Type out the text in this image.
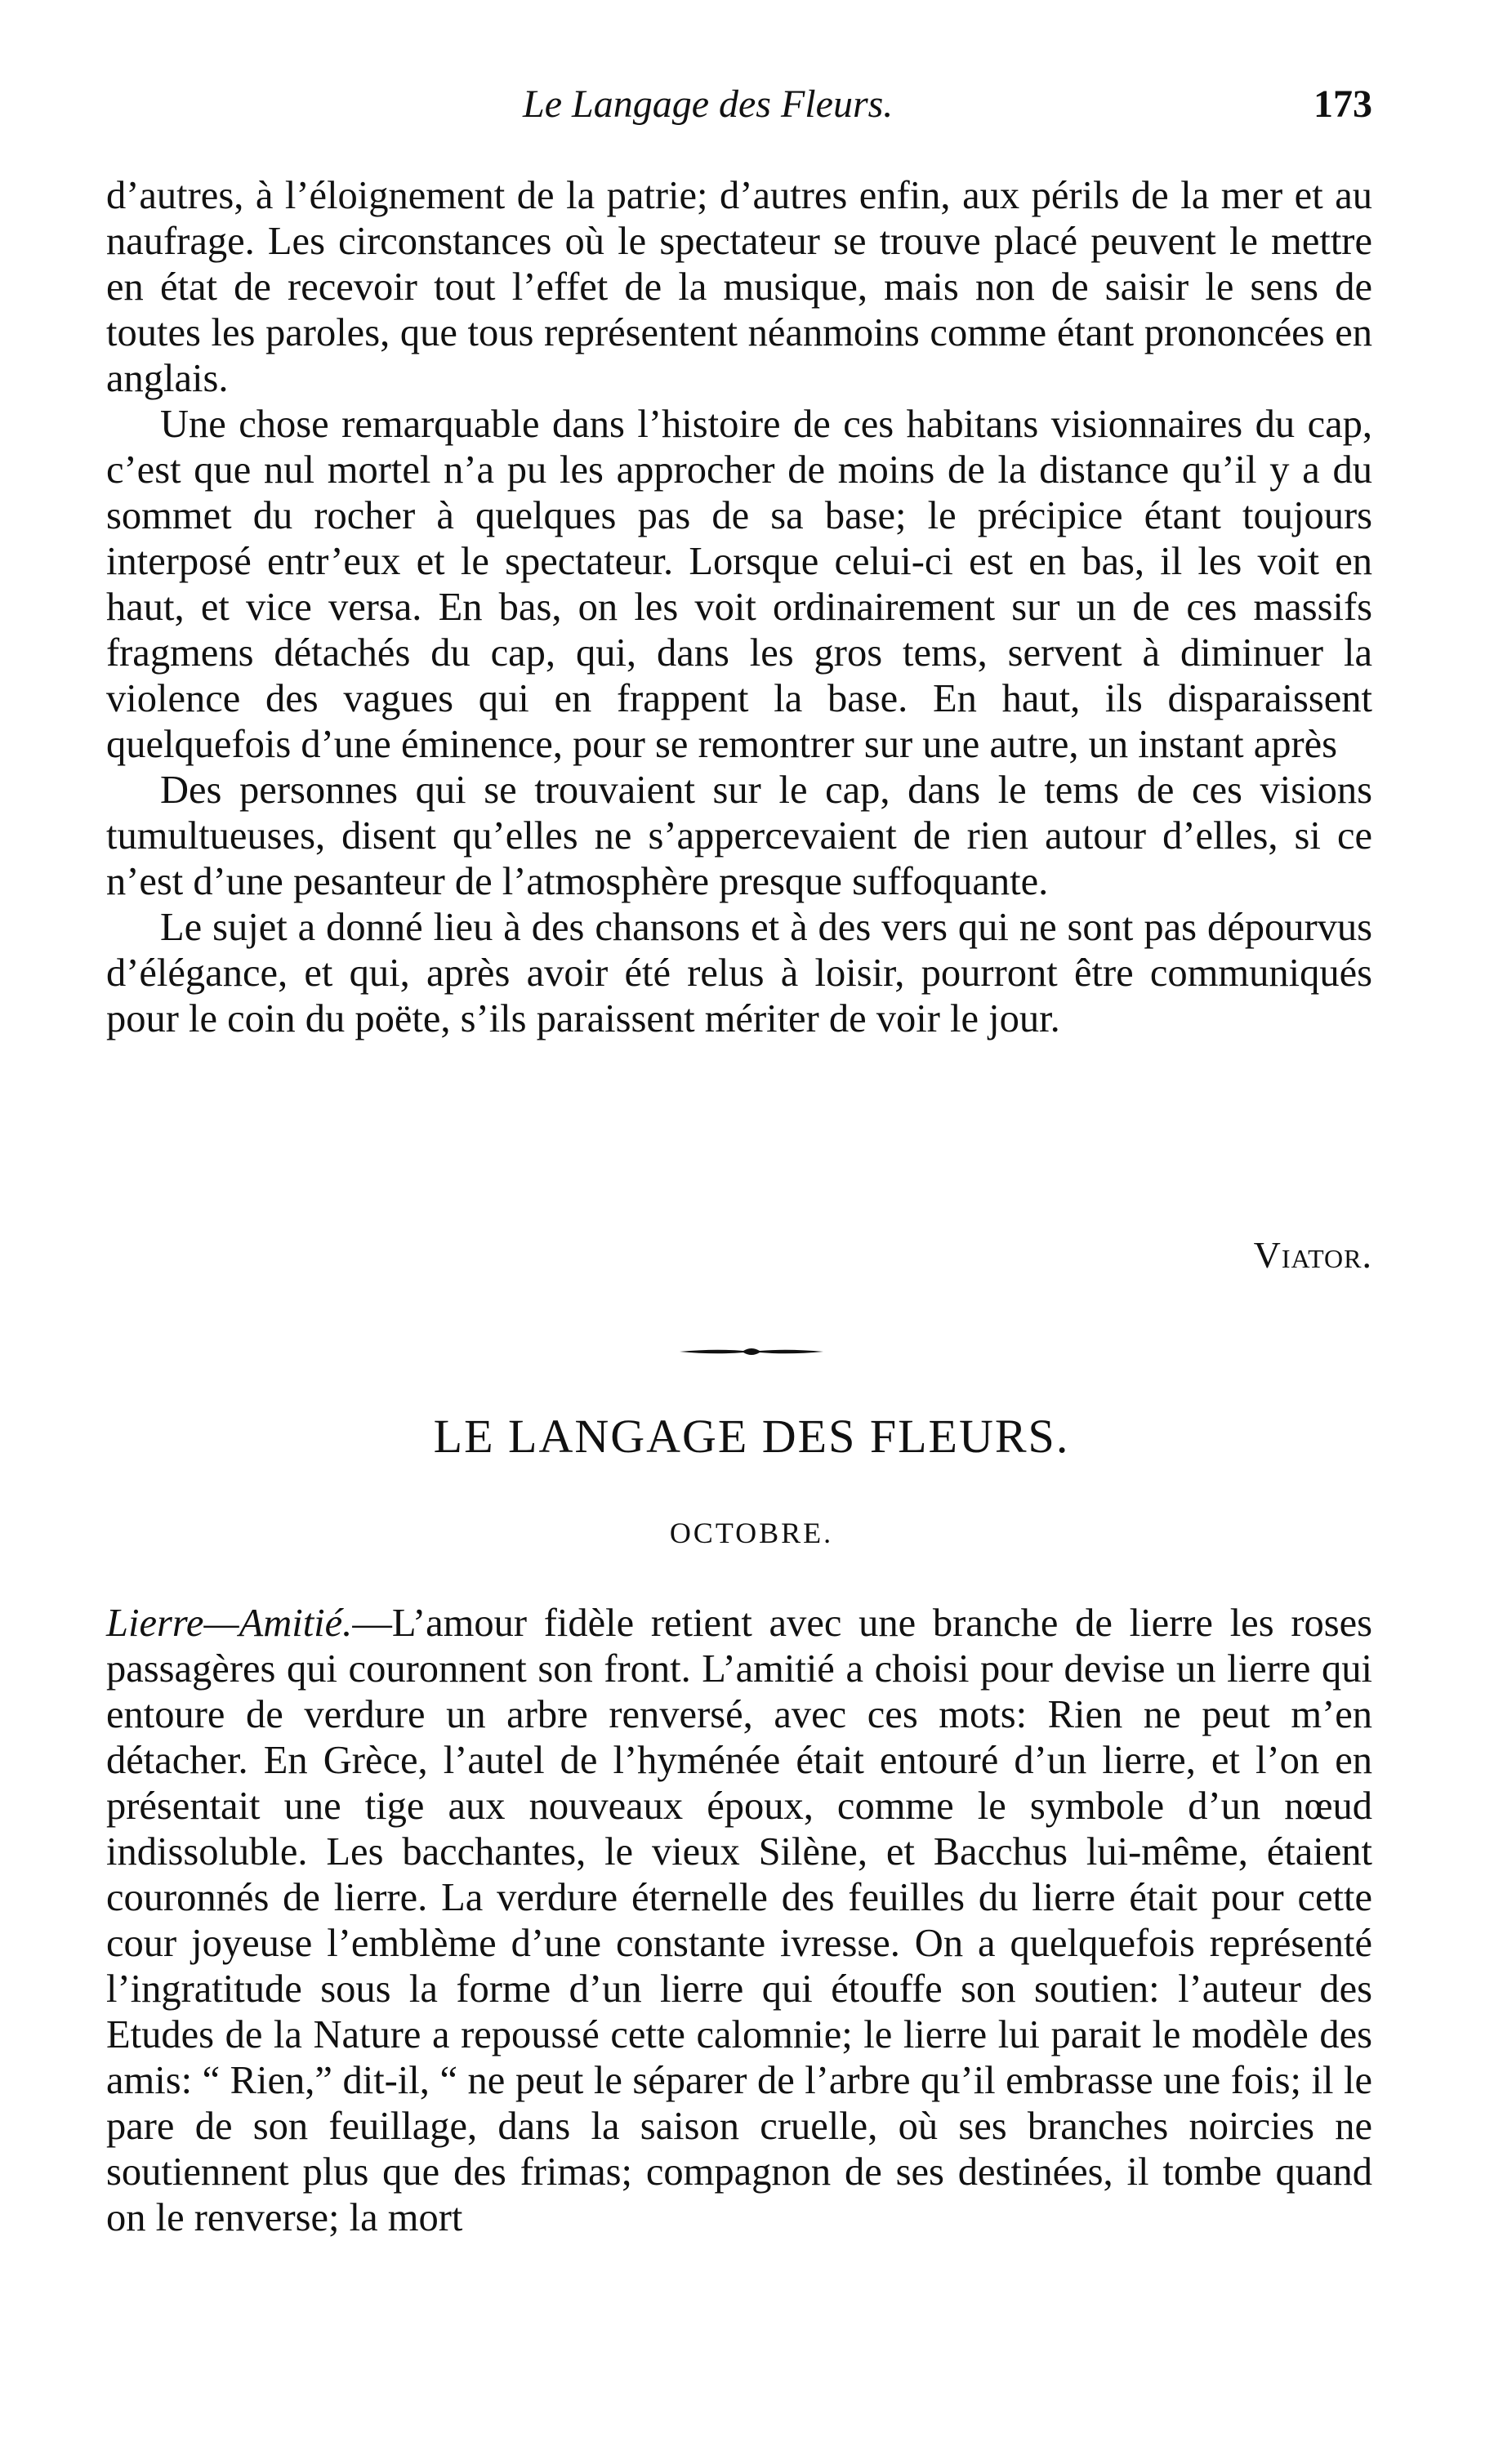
Le Langage des Fleurs.	173

d’autres, à l’éloignement de la patrie; d’autres enfin, aux périls de la mer et au naufrage. Les circonstances où le spectateur se trouve placé peuvent le mettre en état de recevoir tout l’effet de la musique, mais non de saisir le sens de toutes les paroles, que tous représentent néanmoins comme étant prononcées en anglais.

Une chose remarquable dans l’histoire de ces habitans visionnaires du cap, c’est que nul mortel n’a pu les approcher de moins de la distance qu’il y a du sommet du rocher à quelques pas de sa base; le précipice étant toujours interposé entr’eux et le spectateur. Lorsque celui-ci est en bas, il les voit en haut, et vice versa. En bas, on les voit ordinairement sur un de ces massifs fragmens détachés du cap, qui, dans les gros tems, servent à diminuer la violence des vagues qui en frappent la base. En haut, ils disparaissent quelquefois d’une éminence, pour se remontrer sur une autre, un instant après

Des personnes qui se trouvaient sur le cap, dans le tems de ces visions tumultueuses, disent qu’elles ne s’appercevaient de rien autour d’elles, si ce n’est d’une pesanteur de l’atmosphère presque suffoquante.

Le sujet a donné lieu à des chansons et à des vers qui ne sont pas dépourvus d’élégance, et qui, après avoir été relus à loisir, pourront être communiqués pour le coin du poëte, s’ils paraissent mériter de voir le jour.

Viator.
LE LANGAGE DES FLEURS.
OCTOBRE.

Lierre—Amitié.—L’amour fidèle retient avec une branche de lierre les roses passagères qui couronnent son front. L’amitié a choisi pour devise un lierre qui entoure de verdure un arbre renversé, avec ces mots: Rien ne peut m’en détacher. En Grèce, l’autel de l’hyménée était entouré d’un lierre, et l’on en présentait une tige aux nouveaux époux, comme le symbole d’un nœud indissoluble. Les bacchantes, le vieux Silène, et Bacchus lui-même, étaient couronnés de lierre. La verdure éternelle des feuilles du lierre était pour cette cour joyeuse l’emblème d’une constante ivresse. On a quelquefois représenté l’ingratitude sous la forme d’un lierre qui étouffe son soutien: l’auteur des Etudes de la Nature a repoussé cette calomnie; le lierre lui parait le modèle des amis: “ Rien,” dit-il, “ ne peut le séparer de l’arbre qu’il embrasse une fois; il le pare de son feuillage, dans la saison cruelle, où ses branches noircies ne soutiennent plus que des frimas; compagnon de ses destinées, il tombe quand on le renverse; la mort
